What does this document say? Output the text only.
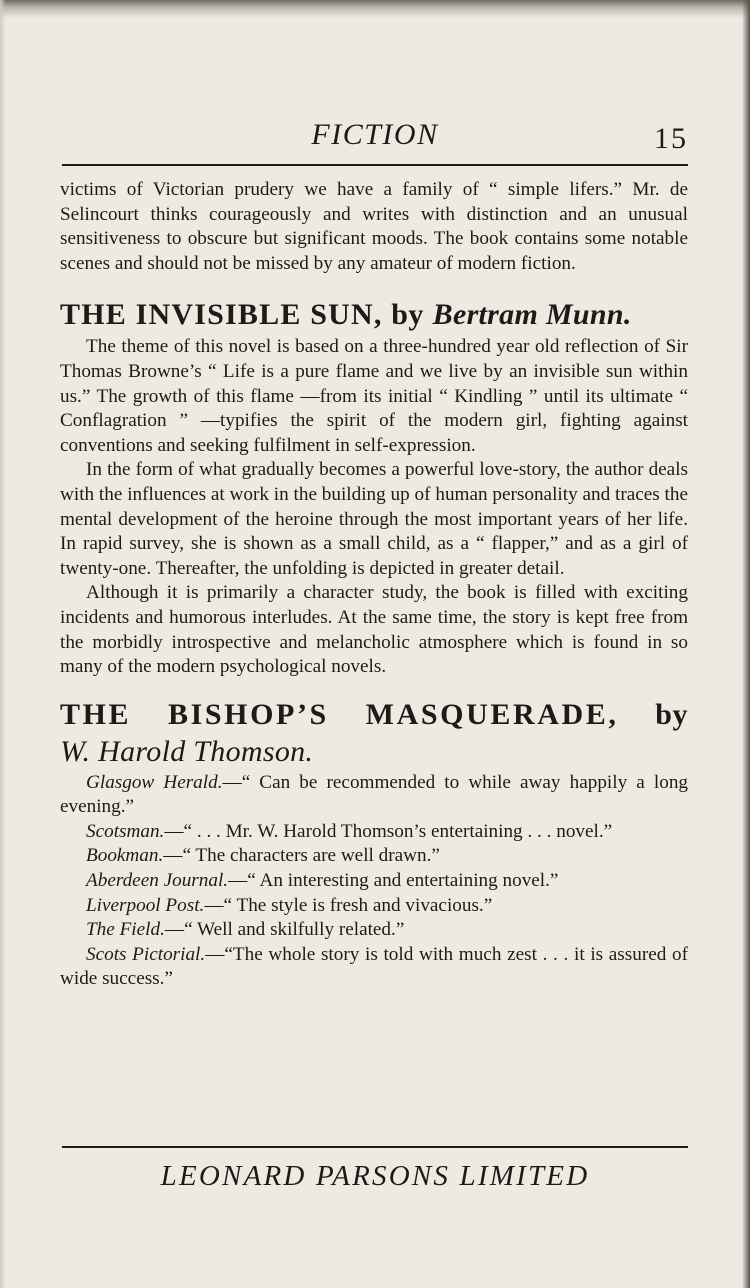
FICTION	15

victims of Victorian prudery we have a family of “ simple lifers.” Mr. de Selincourt thinks courageously and writes with distinction and an unusual sensitiveness to obscure but significant moods. The book contains some notable scenes and should not be missed by any amateur of modern fiction.

THE INVISIBLE SUN, by Bertram Munn.

The theme of this novel is based on a three-hundred year old reflection of Sir Thomas Browne’s “ Life is a pure flame and we live by an invisible sun within us.” The growth of this flame —from its initial “ Kindling ” until its ultimate “ Conflagration ” —typifies the spirit of the modern girl, fighting against conventions and seeking fulfilment in self-expression.

In the form of what gradually becomes a powerful love-story, the author deals with the influences at work in the building up of human personality and traces the mental development of the heroine through the most important years of her life. In rapid survey, she is shown as a small child, as a “ flapper,” and as a girl of twenty-one. Thereafter, the unfolding is depicted in greater detail.

Although it is primarily a character study, the book is filled with exciting incidents and humorous interludes. At the same time, the story is kept free from the morbidly introspective and melancholic atmosphere which is found in so many of the modern psychological novels.

THE BISHOP’S MASQUERADE, by
W. Harold Thomson.

Glasgow Herald.—“ Can be recommended to while away happily a long evening.”

Scotsman.—“ . . . Mr. W. Harold Thomson’s entertaining . . . novel.”

Bookman.—“ The characters are well drawn.”

Aberdeen Journal.—“ An interesting and entertaining novel.”

Liverpool Post.—“ The style is fresh and vivacious.”

The Field.—“ Well and skilfully related.”

Scots Pictorial.—“The whole story is told with much zest . . . it is assured of wide success.”

LEONARD PARSONS LIMITED
